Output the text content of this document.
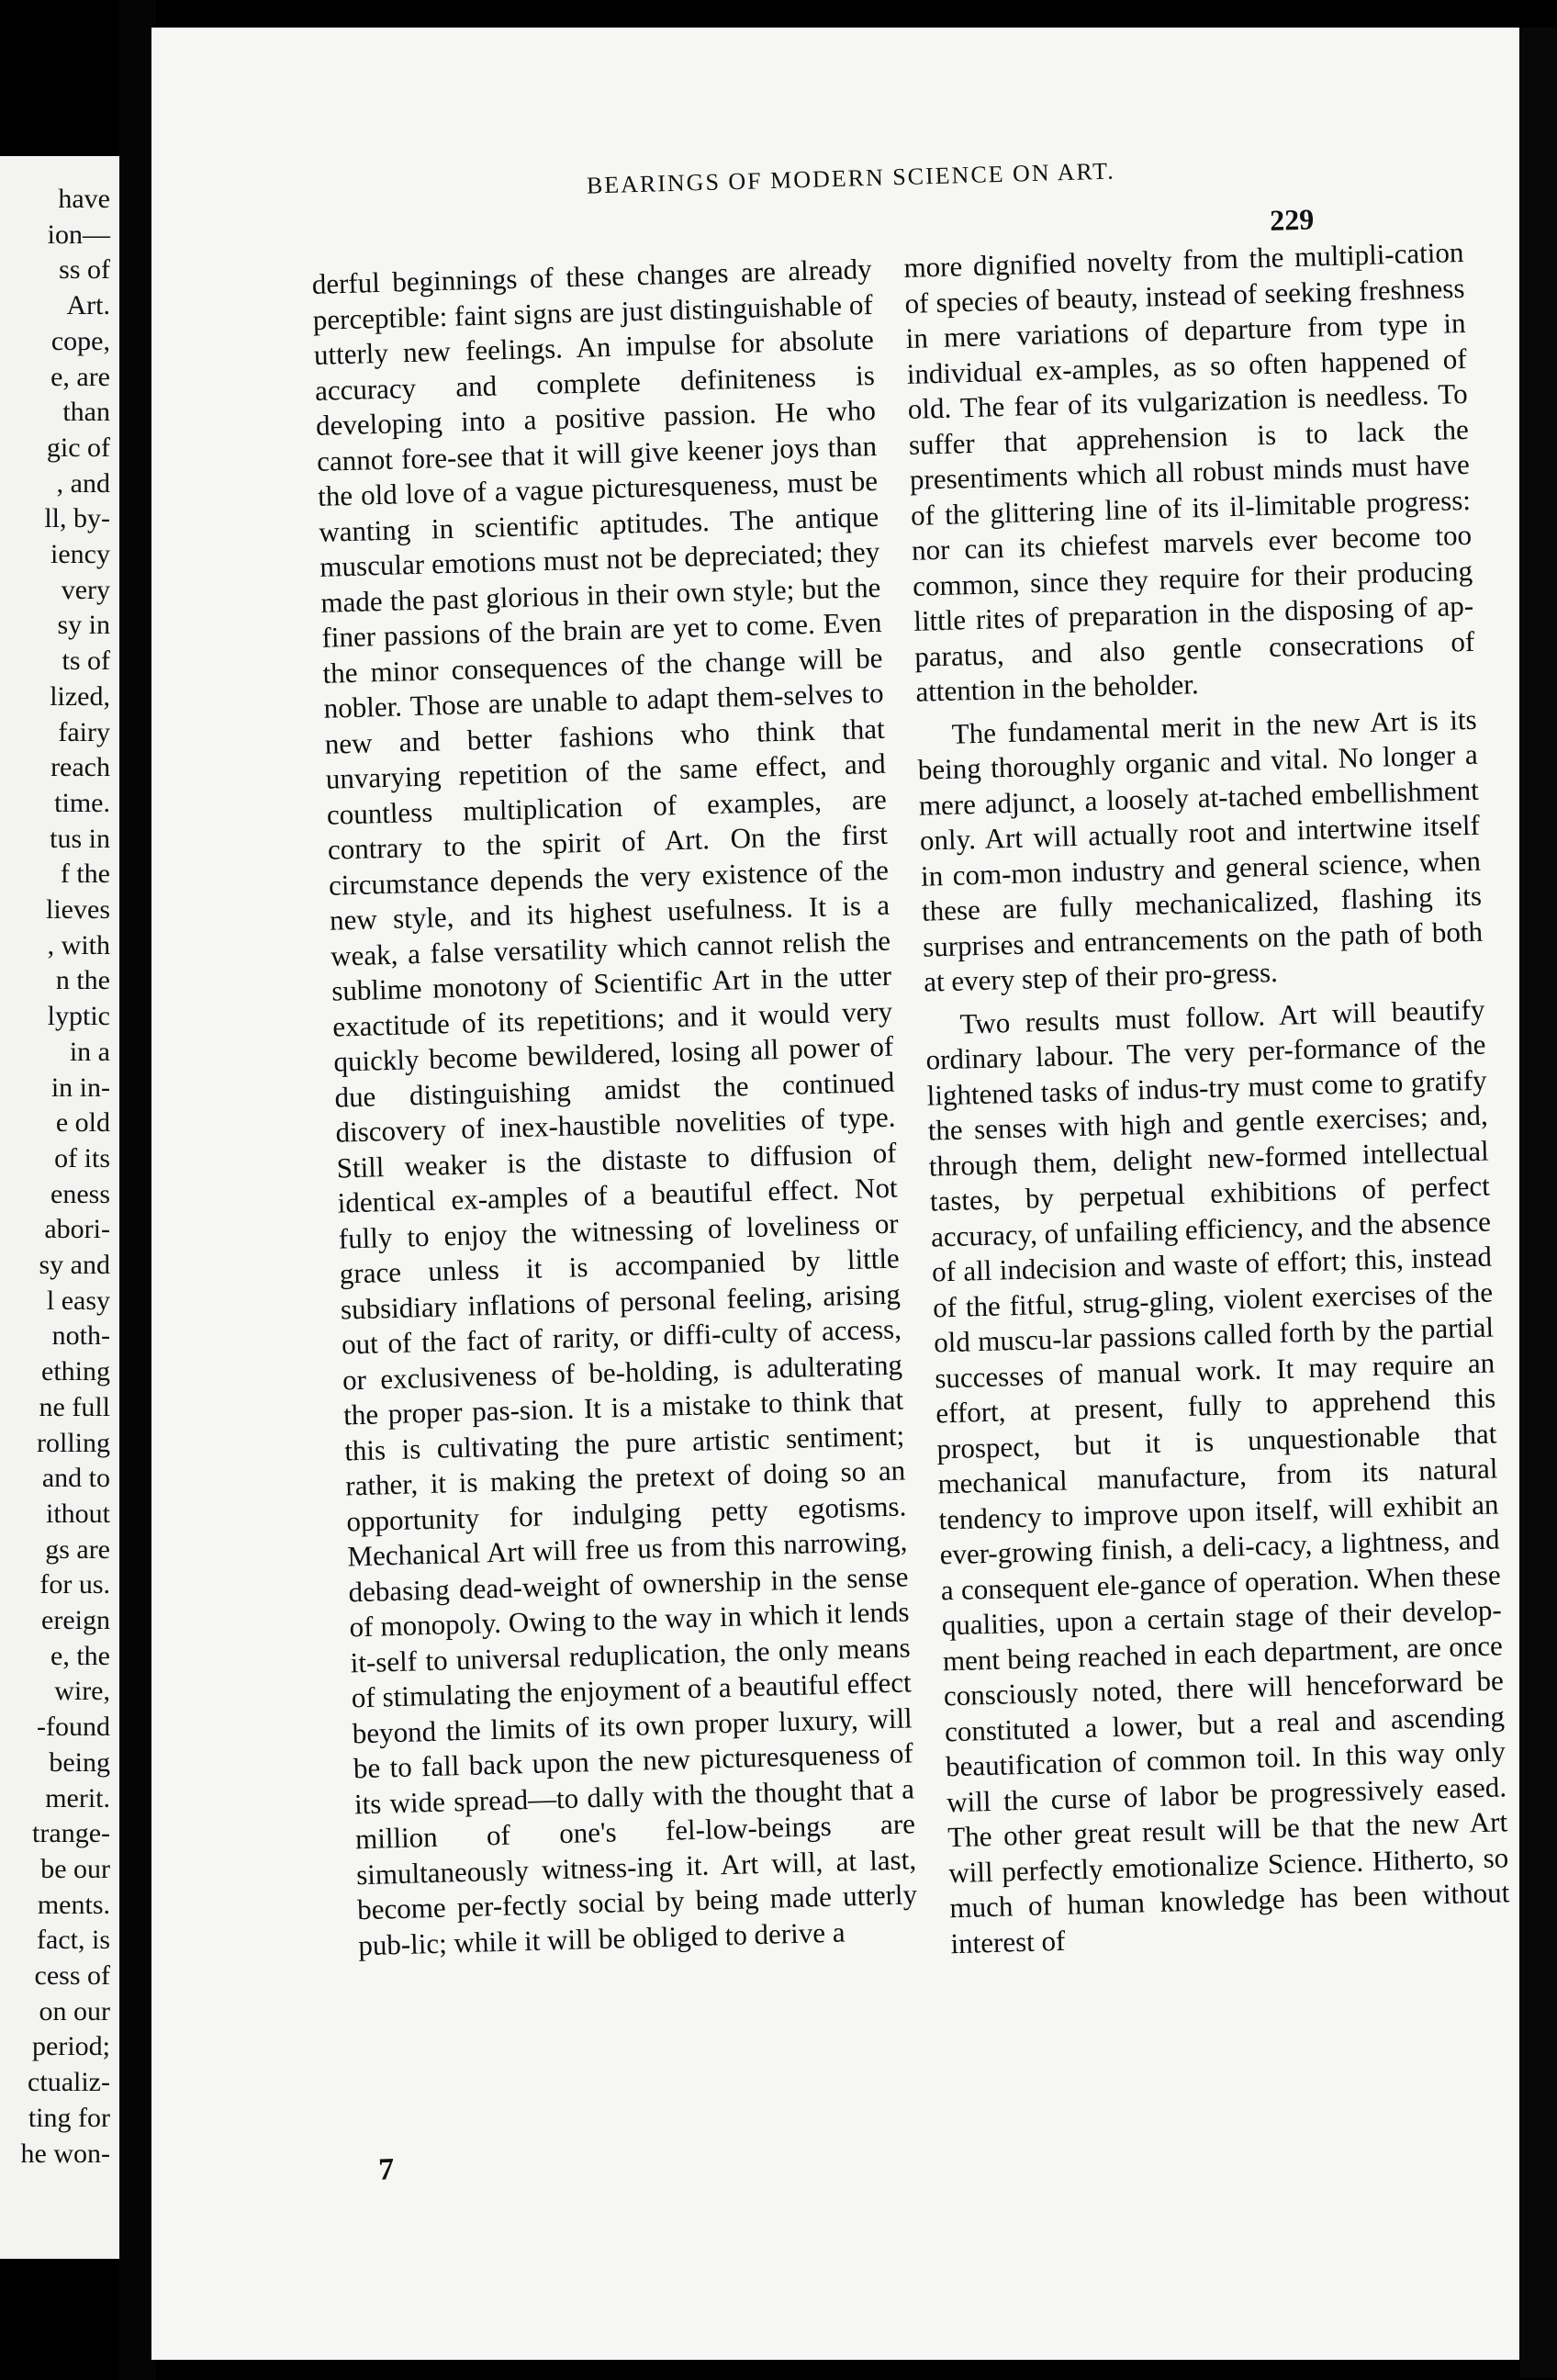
have
ion—
ss of
Art.
cope,
e, are
than
gic of
, and
ll, by-
iency
very
sy in
ts of
lized,
fairy
reach
time.
tus in
f the
lieves
, with
n the
lyptic
in a
in in-
e old
of its
eness
abori-
sy and
l easy
noth-
ething
ne full
rolling
and to
ithout
gs are
for us.
ereign
e, the
wire,
-found
being
merit.
trange-
be our
ments.
fact, is
cess of
on our
period;
ctualiz-
ting for
he won-
BEARINGS OF MODERN SCIENCE ON ART.
229

derful beginnings of these changes are already perceptible: faint signs are just distinguishable of utterly new feelings. An impulse for absolute accuracy and complete definiteness is developing into a positive passion. He who cannot fore-see that it will give keener joys than the old love of a vague picturesqueness, must be wanting in scientific aptitudes. The antique muscular emotions must not be depreciated; they made the past glorious in their own style; but the finer passions of the brain are yet to come. Even the minor consequences of the change will be nobler. Those are unable to adapt them-selves to new and better fashions who think that unvarying repetition of the same effect, and countless multiplication of examples, are contrary to the spirit of Art. On the first circumstance depends the very existence of the new style, and its highest usefulness. It is a weak, a false versatility which cannot relish the sublime monotony of Scientific Art in the utter exactitude of its repetitions; and it would very quickly become bewildered, losing all power of due distinguishing amidst the continued discovery of inex-haustible novelities of type. Still weaker is the distaste to diffusion of identical ex-amples of a beautiful effect. Not fully to enjoy the witnessing of loveliness or grace unless it is accompanied by little subsidiary inflations of personal feeling, arising out of the fact of rarity, or diffi-culty of access, or exclusiveness of be-holding, is adulterating the proper pas-sion. It is a mistake to think that this is cultivating the pure artistic sentiment; rather, it is making the pretext of doing so an opportunity for indulging petty egotisms. Mechanical Art will free us from this narrowing, debasing dead-weight of ownership in the sense of monopoly. Owing to the way in which it lends it-self to universal reduplication, the only means of stimulating the enjoyment of a beautiful effect beyond the limits of its own proper luxury, will be to fall back upon the new picturesqueness of its wide spread—to dally with the thought that a million of one's fel-low-beings are simultaneously witness-ing it. Art will, at last, become per-fectly social by being made utterly pub-lic; while it will be obliged to derive a

more dignified novelty from the multipli-cation of species of beauty, instead of seeking freshness in mere variations of departure from type in individual ex-amples, as so often happened of old. The fear of its vulgarization is needless. To suffer that apprehension is to lack the presentiments which all robust minds must have of the glittering line of its il-limitable progress: nor can its chiefest marvels ever become too common, since they require for their producing little rites of preparation in the disposing of ap-paratus, and also gentle consecrations of attention in the beholder.

The fundamental merit in the new Art is its being thoroughly organic and vital. No longer a mere adjunct, a loosely at-tached embellishment only. Art will actually root and intertwine itself in com-mon industry and general science, when these are fully mechanicalized, flashing its surprises and entrancements on the path of both at every step of their pro-gress.

Two results must follow. Art will beautify ordinary labour. The very per-formance of the lightened tasks of indus-try must come to gratify the senses with high and gentle exercises; and, through them, delight new-formed intellectual tastes, by perpetual exhibitions of perfect accuracy, of unfailing efficiency, and the absence of all indecision and waste of effort; this, instead of the fitful, strug-gling, violent exercises of the old muscu-lar passions called forth by the partial successes of manual work. It may require an effort, at present, fully to apprehend this prospect, but it is unquestionable that mechanical manufacture, from its natural tendency to improve upon itself, will exhibit an ever-growing finish, a deli-cacy, a lightness, and a consequent ele-gance of operation. When these qualities, upon a certain stage of their develop-ment being reached in each department, are once consciously noted, there will henceforward be constituted a lower, but a real and ascending beautification of common toil. In this way only will the curse of labor be progressively eased. The other great result will be that the new Art will perfectly emotionalize Science. Hitherto, so much of human knowledge has been without interest of

7
